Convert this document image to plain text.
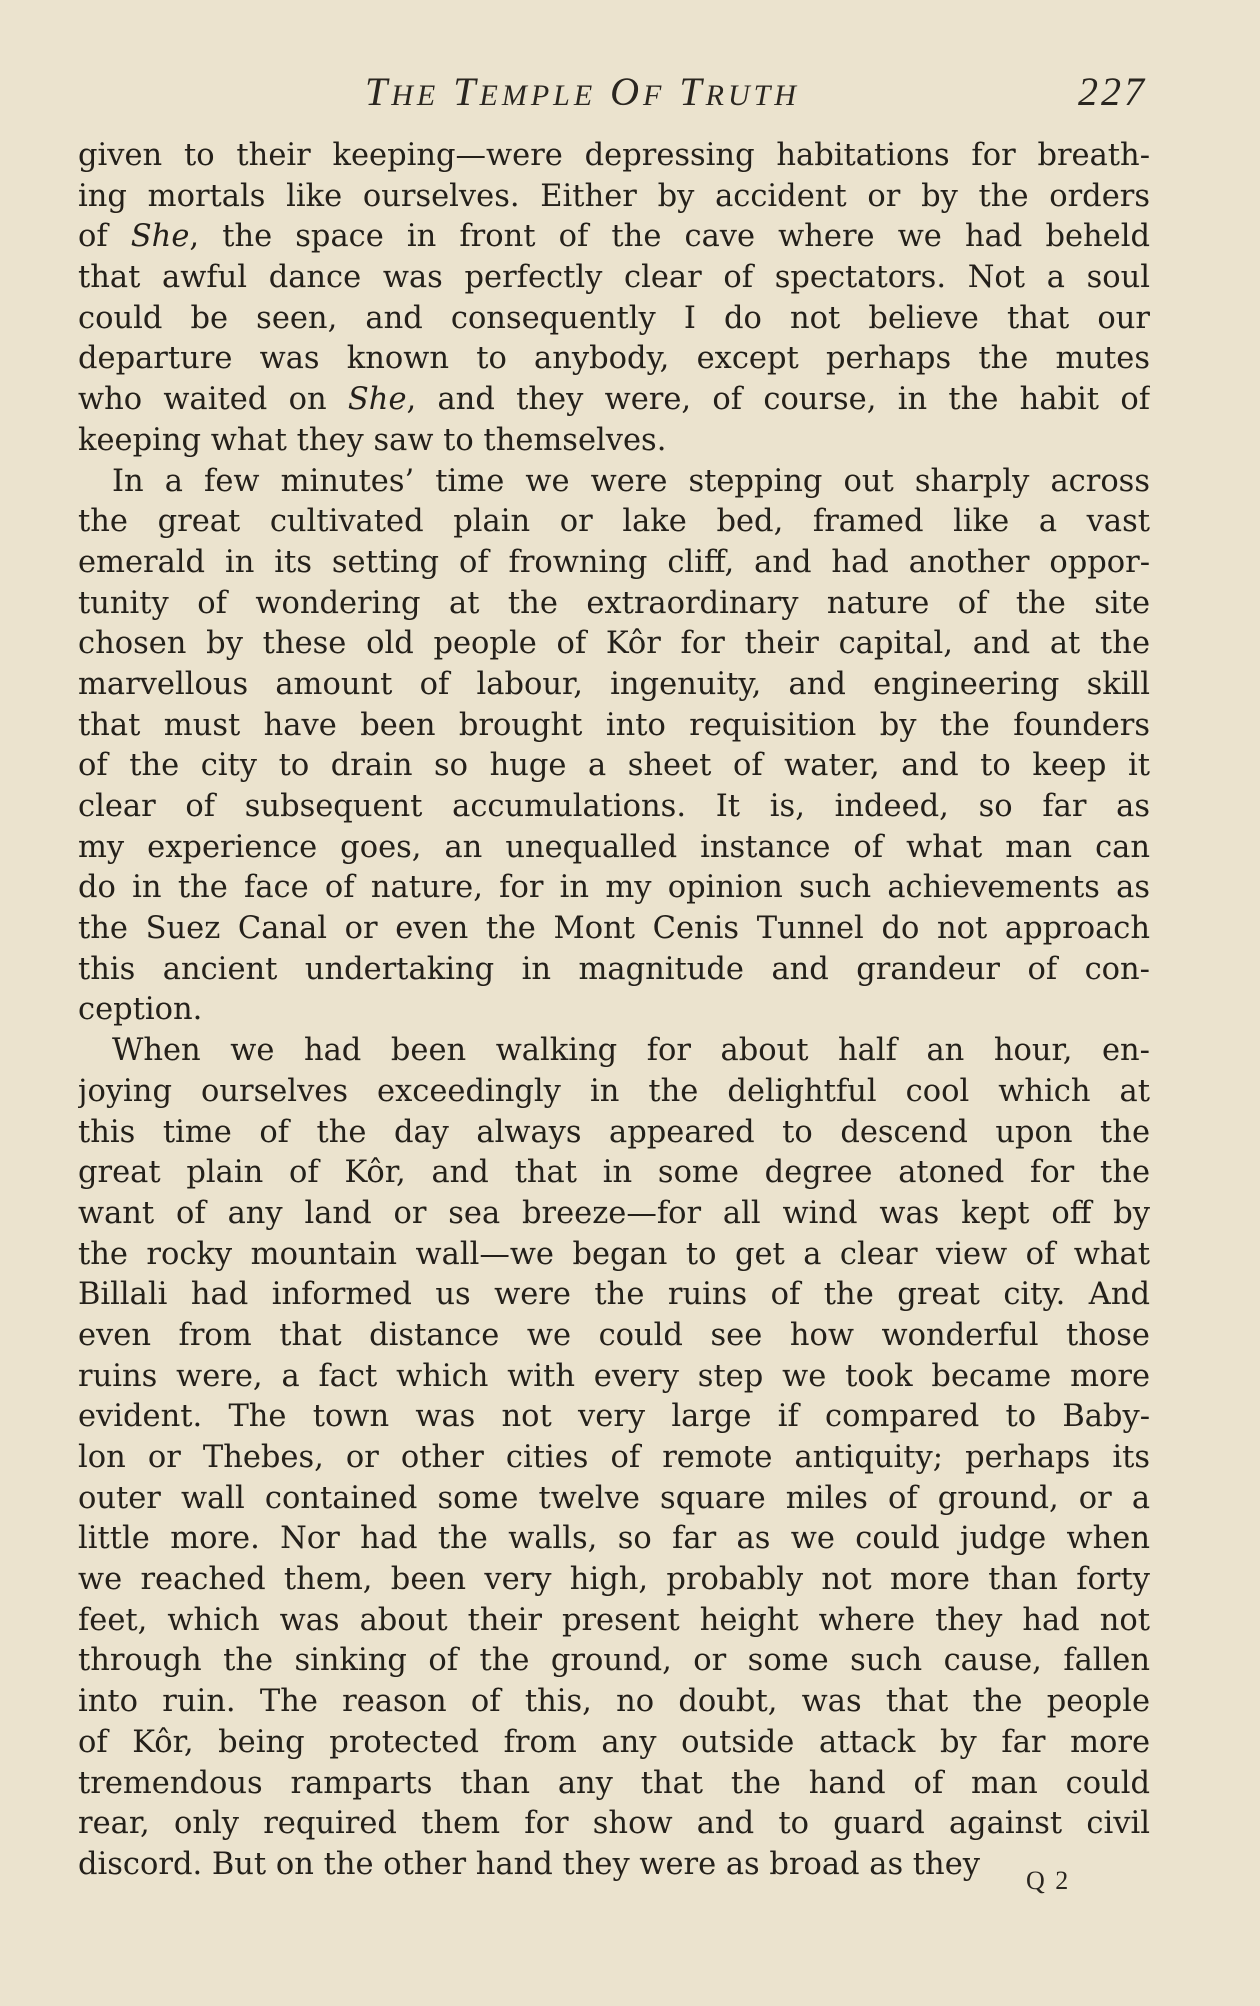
THE TEMPLE OF TRUTH	227
given to their keeping—were depressing habitations for breath-
ing mortals like ourselves. Either by accident or by the orders
of She, the space in front of the cave where we had beheld
that awful dance was perfectly clear of spectators. Not a soul
could be seen, and consequently I do not believe that our
departure was known to anybody, except perhaps the mutes
who waited on She, and they were, of course, in the habit of
keeping what they saw to themselves.
In a few minutes’ time we were stepping out sharply across
the great cultivated plain or lake bed, framed like a vast
emerald in its setting of frowning cliff, and had another oppor-
tunity of wondering at the extraordinary nature of the site
chosen by these old people of Kôr for their capital, and at the
marvellous amount of labour, ingenuity, and engineering skill
that must have been brought into requisition by the founders
of the city to drain so huge a sheet of water, and to keep it
clear of subsequent accumulations. It is, indeed, so far as
my experience goes, an unequalled instance of what man can
do in the face of nature, for in my opinion such achievements as
the Suez Canal or even the Mont Cenis Tunnel do not approach
this ancient undertaking in magnitude and grandeur of con-
ception.
When we had been walking for about half an hour, en-
joying ourselves exceedingly in the delightful cool which at
this time of the day always appeared to descend upon the
great plain of Kôr, and that in some degree atoned for the
want of any land or sea breeze—for all wind was kept off by
the rocky mountain wall—we began to get a clear view of what
Billali had informed us were the ruins of the great city. And
even from that distance we could see how wonderful those
ruins were, a fact which with every step we took became more
evident. The town was not very large if compared to Baby-
lon or Thebes, or other cities of remote antiquity; perhaps its
outer wall contained some twelve square miles of ground, or a
little more. Nor had the walls, so far as we could judge when
we reached them, been very high, probably not more than forty
feet, which was about their present height where they had not
through the sinking of the ground, or some such cause, fallen
into ruin. The reason of this, no doubt, was that the people
of Kôr, being protected from any outside attack by far more
tremendous ramparts than any that the hand of man could
rear, only required them for show and to guard against civil
discord. But on the other hand they were as broad as they	Q 2
